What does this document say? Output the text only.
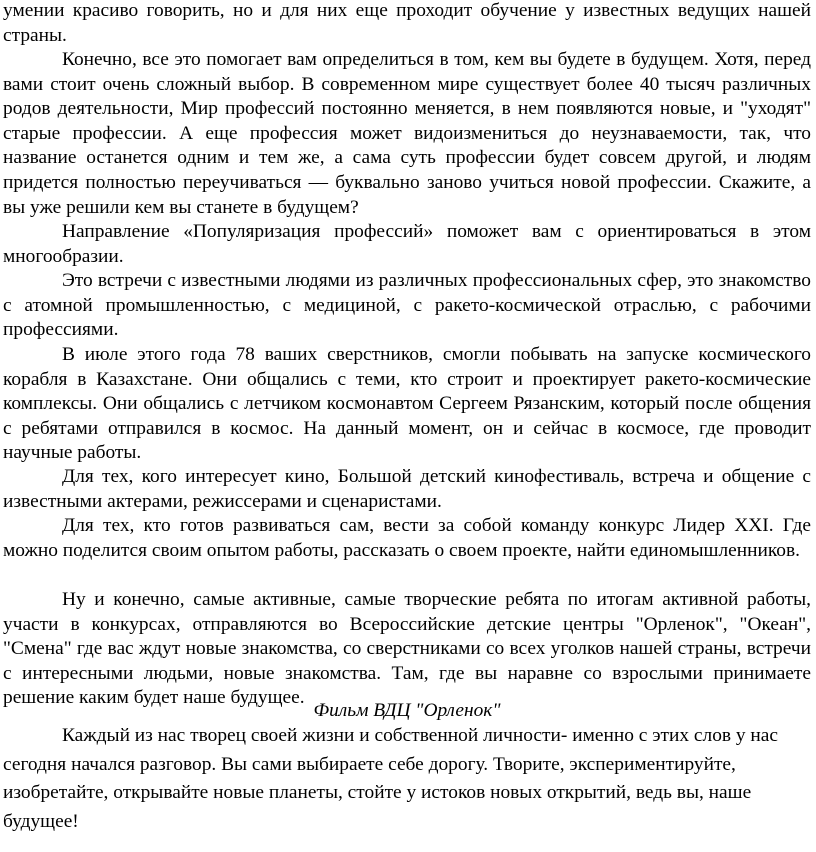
умении красиво говорить, но и для них еще проходит обучение у известных ведущих нашей страны.

Конечно, все это помогает вам определиться в том, кем вы будете в будущем. Хотя, перед вами стоит очень сложный выбор. В современном мире существует более 40 тысяч различных родов деятельности, Мир профессий постоянно меняется, в нем появляются новые, и "уходят" старые профессии. А еще профессия может видоизмениться до неузнаваемости, так, что название останется одним и тем же, а сама суть профессии будет совсем другой, и людям придется полностью переучиваться — буквально заново учиться новой профессии. Скажите, а вы уже решили кем вы станете в будущем?

Направление «Популяризация профессий» поможет вам с ориентироваться в этом многообразии.

Это встречи с известными людями из различных профессиональных сфер, это знакомство с атомной промышленностью, с медициной, с ракето-космической отраслью, с рабочими профессиями.

В июле этого года 78 ваших сверстников, смогли побывать на запуске космического корабля в Казахстане. Они общались с теми, кто строит и проектирует ракето-космические комплексы. Они общались с летчиком космонавтом Сергеем Рязанским, который после общения с ребятами отправился в космос. На данный момент, он и сейчас в космосе, где проводит научные работы.

Для тех, кого интересует кино, Большой детский кинофестиваль, встреча и общение с известными актерами, режиссерами и сценаристами.

Для тех, кто готов развиваться сам, вести за собой команду конкурс Лидер XXI. Где можно поделится своим опытом работы, рассказать о своем проекте, найти единомышленников.

Ну и конечно, самые активные, самые творческие ребята по итогам активной работы, участи в конкурсах, отправляются во Всероссийские детские центры "Орленок", "Океан", "Смена" где вас ждут новые знакомства, со сверстниками со всех уголков нашей страны, встречи с интересными людьми, новые знакомства. Там, где вы наравне со взрослыми принимаете решение каким будет наше будущее.

Фильм ВДЦ "Орленок"

Каждый из нас творец своей жизни и собственной личности- именно с этих слов у нас сегодня начался разговор. Вы сами выбираете себе дорогу. Творите, экспериментируйте, изобретайте, открывайте новые планеты, стойте у истоков новых открытий, ведь вы, наше будущее!
